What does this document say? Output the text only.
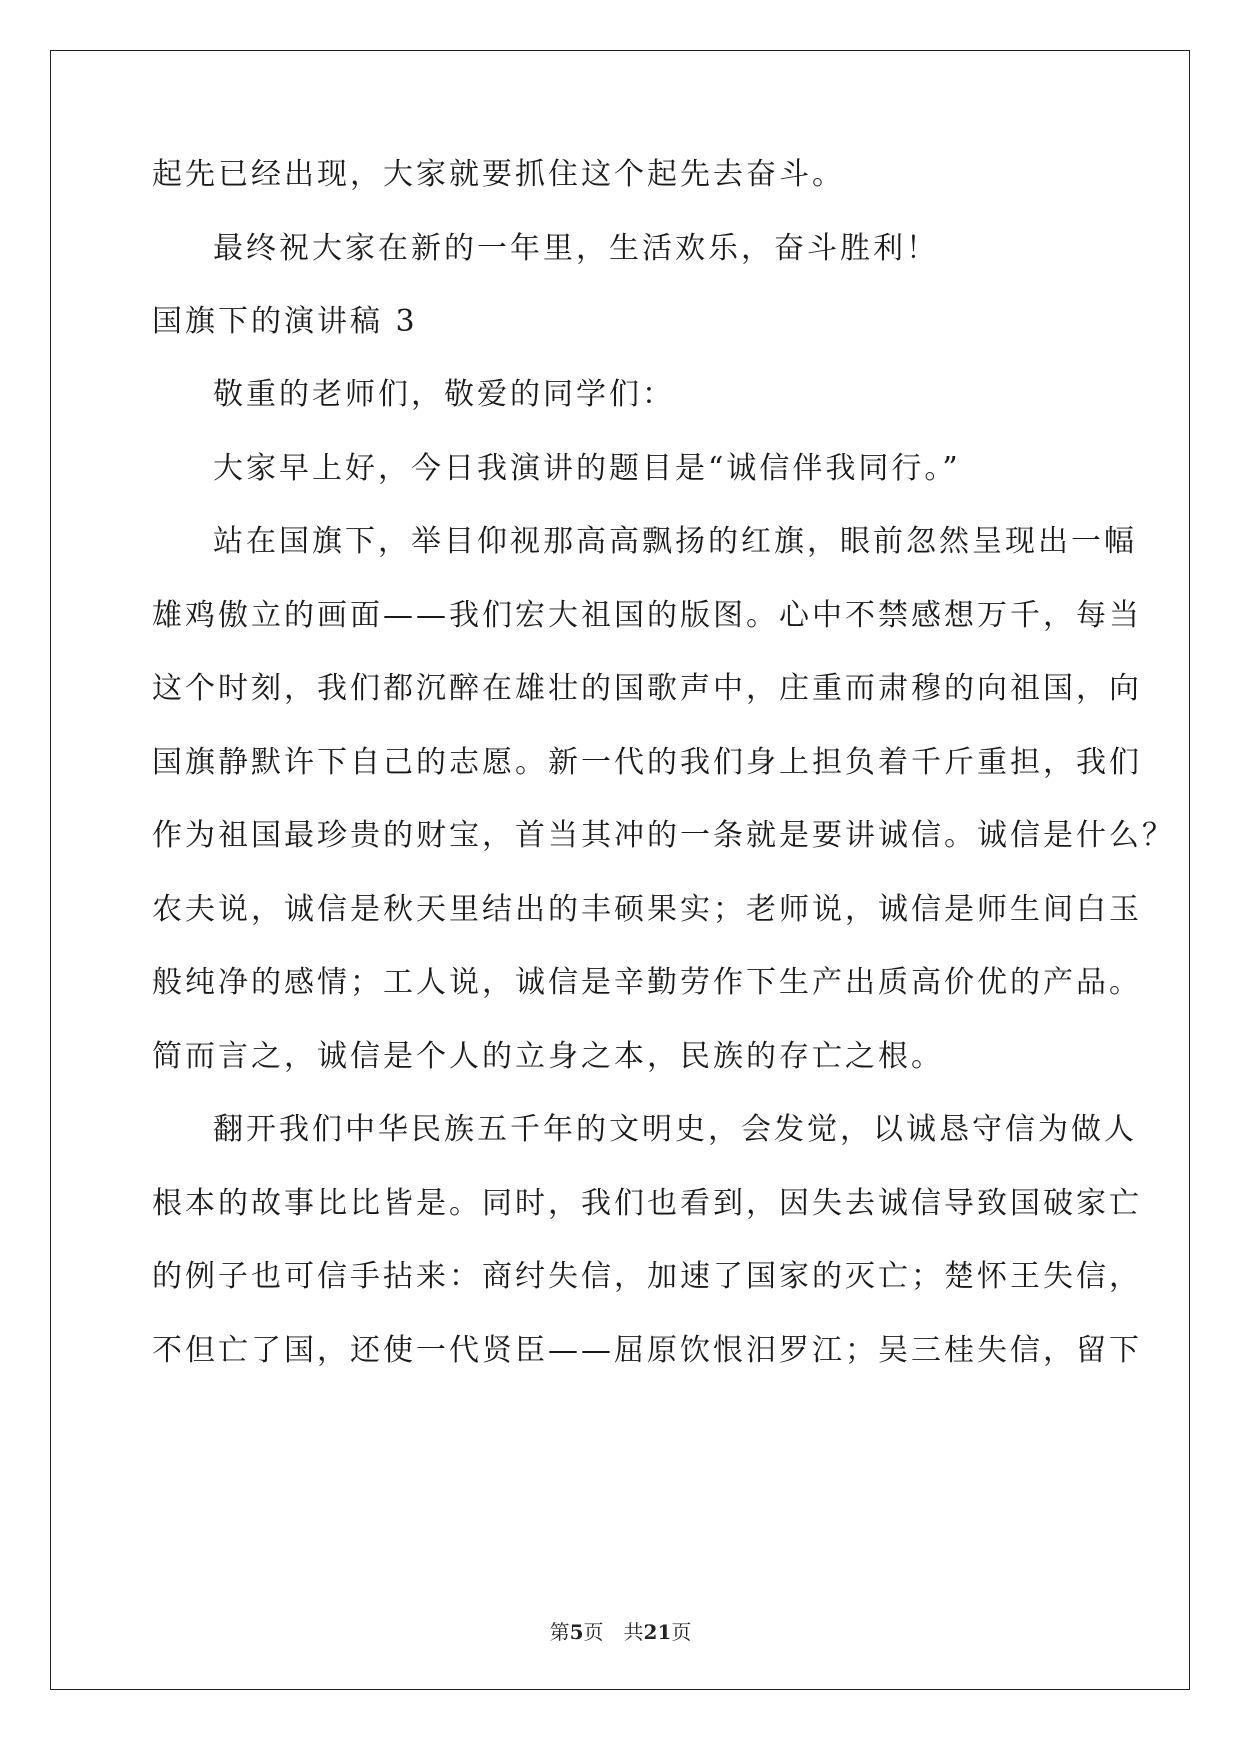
起先已经出现，大家就要抓住这个起先去奋斗。
最终祝大家在新的一年里，生活欢乐，奋斗胜利！
国旗下的演讲稿 3
敬重的老师们，敬爱的同学们：
大家早上好，今日我演讲的题目是“诚信伴我同行。”
站在国旗下，举目仰视那高高飘扬的红旗，眼前忽然呈现出一幅
雄鸡傲立的画面——我们宏大祖国的版图。心中不禁感想万千，每当
这个时刻，我们都沉醉在雄壮的国歌声中，庄重而肃穆的向祖国，向
国旗静默许下自己的志愿。新一代的我们身上担负着千斤重担，我们
作为祖国最珍贵的财宝，首当其冲的一条就是要讲诚信。诚信是什么？
农夫说，诚信是秋天里结出的丰硕果实；老师说，诚信是师生间白玉
般纯净的感情；工人说，诚信是辛勤劳作下生产出质高价优的产品。
简而言之，诚信是个人的立身之本，民族的存亡之根。
翻开我们中华民族五千年的文明史，会发觉，以诚恳守信为做人
根本的故事比比皆是。同时，我们也看到，因失去诚信导致国破家亡
的例子也可信手拈来：商纣失信，加速了国家的灭亡；楚怀王失信，
不但亡了国，还使一代贤臣——屈原饮恨汨罗江；吴三桂失信，留下
第5页　共21页
